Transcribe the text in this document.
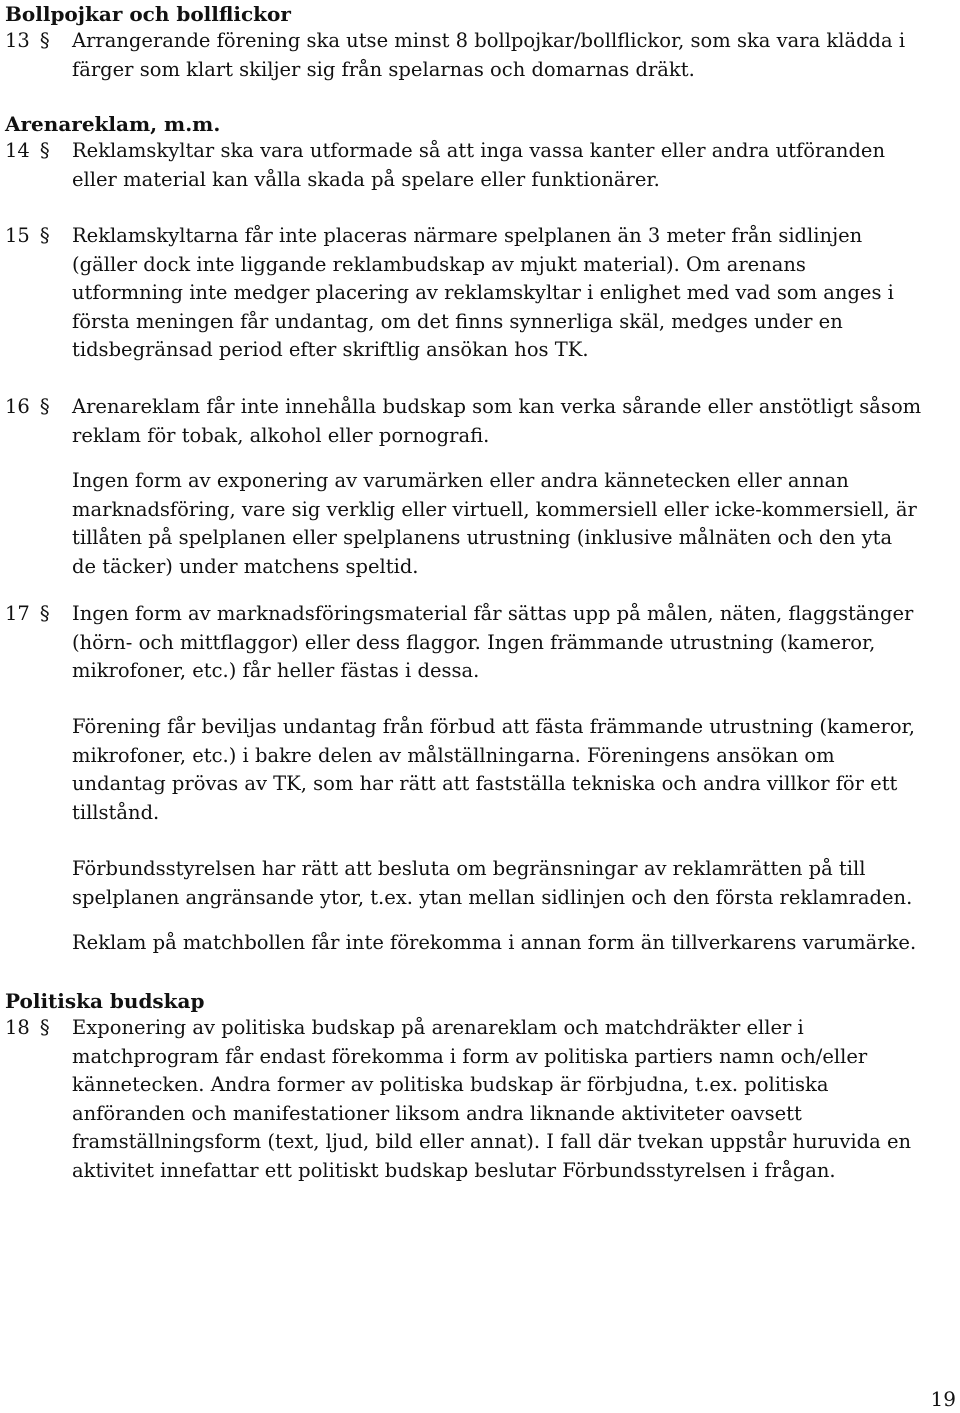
Bollpojkar och bollflickor
13 § Arrangerande förening ska utse minst 8 bollpojkar/bollflickor, som ska vara klädda i
färger som klart skiljer sig från spelarnas och domarnas dräkt.
Arenareklam, m.m.
14 § Reklamskyltar ska vara utformade så att inga vassa kanter eller andra utföranden
eller material kan vålla skada på spelare eller funktionärer.
15 § Reklamskyltarna får inte placeras närmare spelplanen än 3 meter från sidlinjen
(gäller dock inte liggande reklambudskap av mjukt material). Om arenans
utformning inte medger placering av reklamskyltar i enlighet med vad som anges i
första meningen får undantag, om det finns synnerliga skäl, medges under en
tidsbegränsad period efter skriftlig ansökan hos TK.
16 § Arenareklam får inte innehålla budskap som kan verka sårande eller anstötligt såsom
reklam för tobak, alkohol eller pornografi.
Ingen form av exponering av varumärken eller andra kännetecken eller annan
marknadsföring, vare sig verklig eller virtuell, kommersiell eller icke-kommersiell, är
tillåten på spelplanen eller spelplanens utrustning (inklusive målnäten och den yta
de täcker) under matchens speltid.
17 § Ingen form av marknadsföringsmaterial får sättas upp på målen, näten, flaggstänger
(hörn- och mittflaggor) eller dess flaggor. Ingen främmande utrustning (kameror,
mikrofoner, etc.) får heller fästas i dessa.
Förening får beviljas undantag från förbud att fästa främmande utrustning (kameror,
mikrofoner, etc.) i bakre delen av målställningarna. Föreningens ansökan om
undantag prövas av TK, som har rätt att fastställa tekniska och andra villkor för ett
tillstånd.
Förbundsstyrelsen har rätt att besluta om begränsningar av reklamrätten på till
spelplanen angränsande ytor, t.ex. ytan mellan sidlinjen och den första reklamraden.
Reklam på matchbollen får inte förekomma i annan form än tillverkarens varumärke.
Politiska budskap
18 § Exponering av politiska budskap på arenareklam och matchdräkter eller i
matchprogram får endast förekomma i form av politiska partiers namn och/eller
kännetecken. Andra former av politiska budskap är förbjudna, t.ex. politiska
anföranden och manifestationer liksom andra liknande aktiviteter oavsett
framställningsform (text, ljud, bild eller annat). I fall där tvekan uppstår huruvida en
aktivitet innefattar ett politiskt budskap beslutar Förbundsstyrelsen i frågan.
19
